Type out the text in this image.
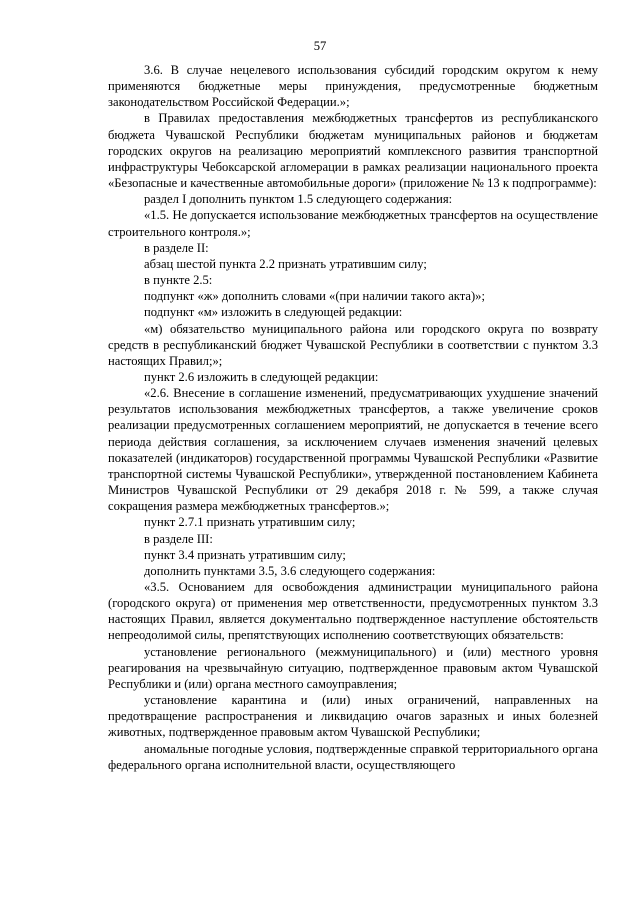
57

3.6. В случае нецелевого использования субсидий городским округом к нему применяются бюджетные меры принуждения, предусмотренные бюджетным законодательством Российской Федерации.»;

в Правилах предоставления межбюджетных трансфертов из республиканского бюджета Чувашской Республики бюджетам муниципальных районов и бюджетам городских округов на реализацию мероприятий комплексного развития транспортной инфраструктуры Чебоксарской агломерации в рамках реализации национального проекта «Безопасные и качественные автомобильные дороги» (приложение № 13 к подпрограмме):

раздел I дополнить пунктом 1.5 следующего содержания:

«1.5. Не допускается использование межбюджетных трансфертов на осуществление строительного контроля.»;

в разделе II:

абзац шестой пункта 2.2 признать утратившим силу;

в пункте 2.5:

подпункт «ж» дополнить словами «(при наличии такого акта)»;

подпункт «м» изложить в следующей редакции:

«м) обязательство муниципального района или городского округа по возврату средств в республиканский бюджет Чувашской Республики в соответствии с пунктом 3.3 настоящих Правил;»;

пункт 2.6 изложить в следующей редакции:

«2.6. Внесение в соглашение изменений, предусматривающих ухудшение значений результатов использования межбюджетных трансфертов, а также увеличение сроков реализации предусмотренных соглашением мероприятий, не допускается в течение всего периода действия соглашения, за исключением случаев изменения значений целевых показателей (индикаторов) государственной программы Чувашской Республики «Развитие транспортной системы Чувашской Республики», утвержденной постановлением Кабинета Министров Чувашской Республики от 29 декабря 2018 г. № 599, а также случая сокращения размера межбюджетных трансфертов.»;

пункт 2.7.1 признать утратившим силу;

в разделе III:

пункт 3.4 признать утратившим силу;

дополнить пунктами 3.5, 3.6 следующего содержания:

«3.5. Основанием для освобождения администрации муниципального района (городского округа) от применения мер ответственности, предусмотренных пунктом 3.3 настоящих Правил, является документально подтвержденное наступление обстоятельств непреодолимой силы, препятствующих исполнению соответствующих обязательств:

установление регионального (межмуниципального) и (или) местного уровня реагирования на чрезвычайную ситуацию, подтвержденное правовым актом Чувашской Республики и (или) органа местного самоуправления;

установление карантина и (или) иных ограничений, направленных на предотвращение распространения и ликвидацию очагов заразных и иных болезней животных, подтвержденное правовым актом Чувашской Республики;

аномальные погодные условия, подтвержденные справкой территориального органа федерального органа исполнительной власти, осуществляющего
